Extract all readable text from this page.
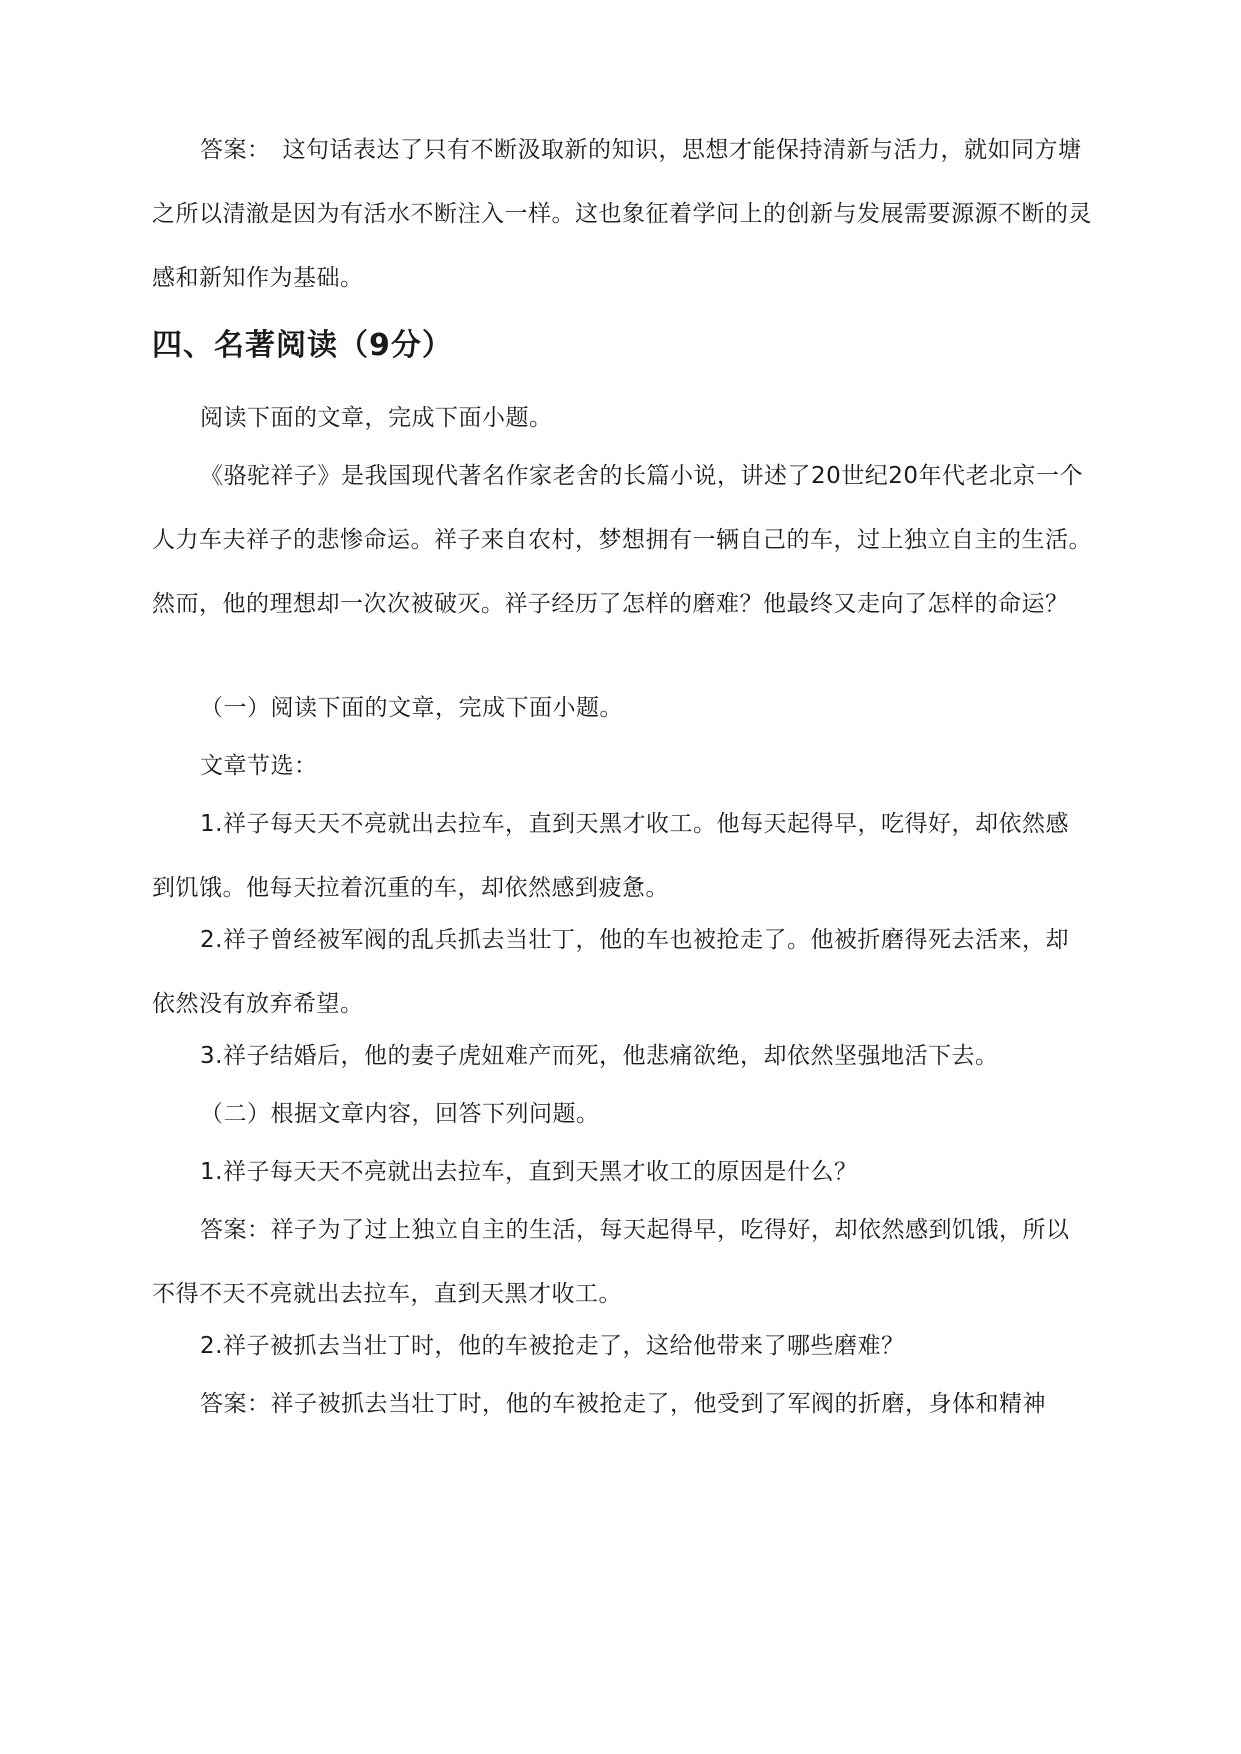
答案：　这句话表达了只有不断汲取新的知识，思想才能保持清新与活力，就如同方塘之所以清澈是因为有活水不断注入一样。这也象征着学问上的创新与发展需要源源不断的灵感和新知作为基础。

四、名著阅读（9分）

阅读下面的文章，完成下面小题。

《骆驼祥子》是我国现代著名作家老舍的长篇小说，讲述了20世纪20年代老北京一个人力车夫祥子的悲惨命运。祥子来自农村，梦想拥有一辆自己的车，过上独立自主的生活。然而，他的理想却一次次被破灭。祥子经历了怎样的磨难？他最终又走向了怎样的命运？

（一）阅读下面的文章，完成下面小题。

文章节选：

1.祥子每天天不亮就出去拉车，直到天黑才收工。他每天起得早，吃得好，却依然感到饥饿。他每天拉着沉重的车，却依然感到疲惫。

2.祥子曾经被军阀的乱兵抓去当壮丁，他的车也被抢走了。他被折磨得死去活来，却依然没有放弃希望。

3.祥子结婚后，他的妻子虎妞难产而死，他悲痛欲绝，却依然坚强地活下去。

（二）根据文章内容，回答下列问题。

1.祥子每天天不亮就出去拉车，直到天黑才收工的原因是什么？

答案：祥子为了过上独立自主的生活，每天起得早，吃得好，却依然感到饥饿，所以不得不天不亮就出去拉车，直到天黑才收工。

2.祥子被抓去当壮丁时，他的车被抢走了，这给他带来了哪些磨难？

答案：祥子被抓去当壮丁时，他的车被抢走了，他受到了军阀的折磨，身体和精神
